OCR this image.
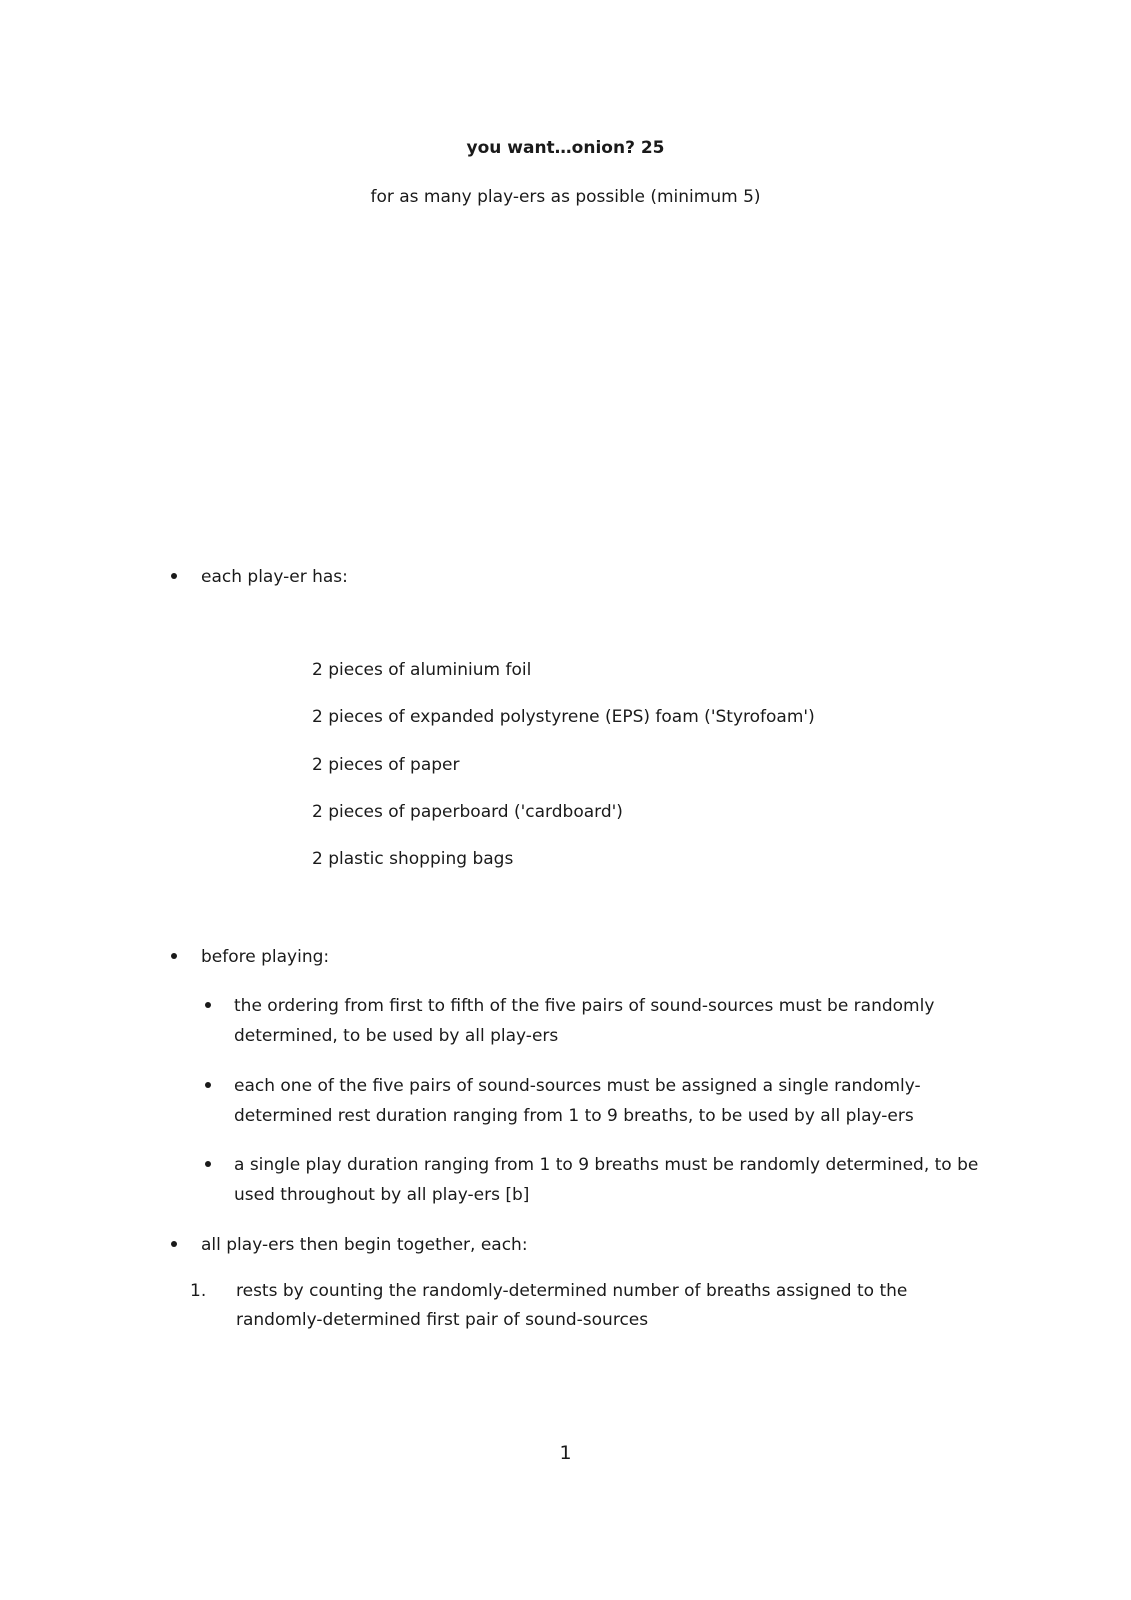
you want…onion? 25
for as many play-ers as possible (minimum 5)
each play-er has:
2 pieces of aluminium foil
2 pieces of expanded polystyrene (EPS) foam ('Styrofoam')
2 pieces of paper
2 pieces of paperboard ('cardboard')
2 plastic shopping bags
before playing:
the ordering from first to fifth of the five pairs of sound-sources must be randomly
determined, to be used by all play-ers
each one of the five pairs of sound-sources must be assigned a single randomly-
determined rest duration ranging from 1 to 9 breaths, to be used by all play-ers
a single play duration ranging from 1 to 9 breaths must be randomly determined, to be
used throughout by all play-ers [b]
all play-ers then begin together, each:
1. rests by counting the randomly-determined number of breaths assigned to the
randomly-determined first pair of sound-sources
1
